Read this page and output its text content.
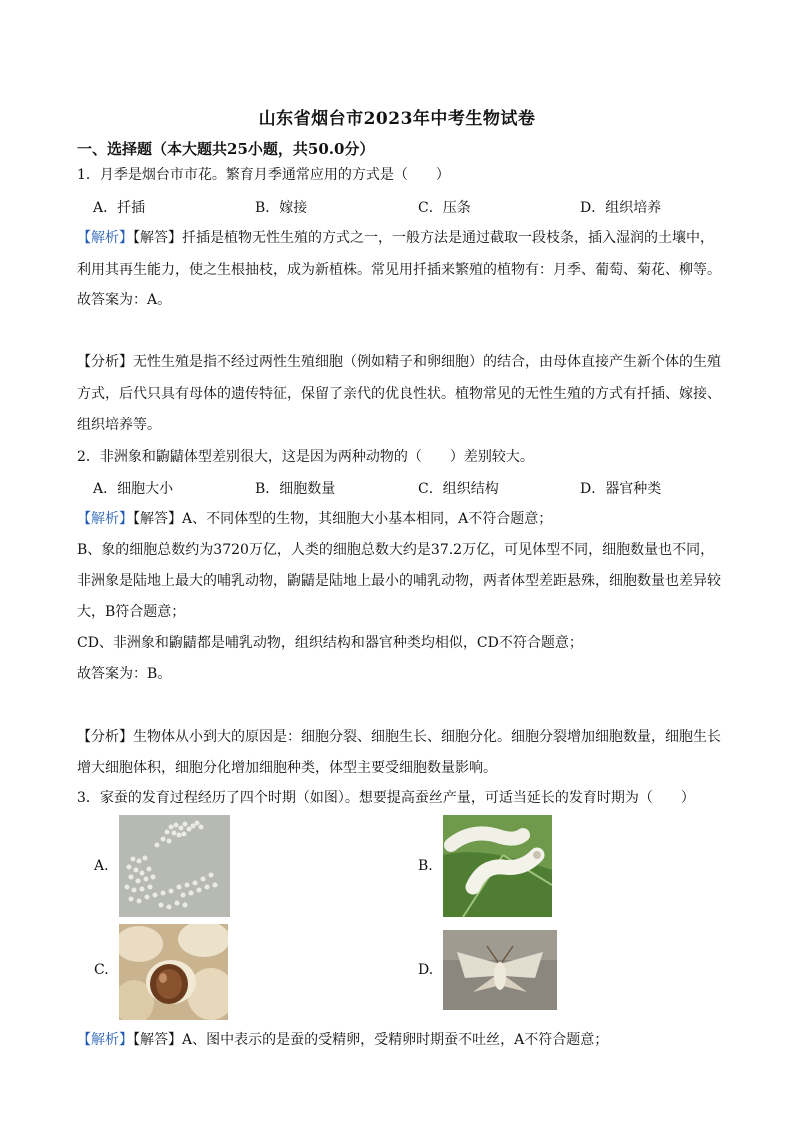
山东省烟台市2023年中考生物试卷
一、选择题（本大题共25小题，共50.0分）
1．月季是烟台市市花。繁育月季通常应用的方式是（　　）
A．扦插	B．嫁接	C．压条	D．组织培养
【解析】【解答】扦插是植物无性生殖的方式之一，一般方法是通过截取一段枝条，插入湿润的土壤中，
利用其再生能力，使之生根抽枝，成为新植株。常见用扦插来繁殖的植物有：月季、葡萄、菊花、柳等。
故答案为：A。
【分析】无性生殖是指不经过两性生殖细胞（例如精子和卵细胞）的结合，由母体直接产生新个体的生殖
方式，后代只具有母体的遗传特征，保留了亲代的优良性状。植物常见的无性生殖的方式有扦插、嫁接、
组织培养等。
2．非洲象和鼩鼱体型差别很大，这是因为两种动物的（　　）差别较大。
A．细胞大小	B．细胞数量	C．组织结构	D．器官种类
【解析】【解答】A、不同体型的生物，其细胞大小基本相同，A不符合题意；
B、象的细胞总数约为3720万亿，人类的细胞总数大约是37.2万亿，可见体型不同，细胞数量也不同，
非洲象是陆地上最大的哺乳动物，鼩鼱是陆地上最小的哺乳动物，两者体型差距悬殊，细胞数量也差异较
大，B符合题意；
CD、非洲象和鼩鼱都是哺乳动物，组织结构和器官种类均相似，CD不符合题意；
故答案为：B。
【分析】生物体从小到大的原因是：细胞分裂、细胞生长、细胞分化。细胞分裂增加细胞数量，细胞生长
增大细胞体积，细胞分化增加细胞种类，体型主要受细胞数量影响。
3．家蚕的发育过程经历了四个时期（如图）。想要提高蚕丝产量，可适当延长的发育时期为（　　）
A.	B.
C.	D.
【解析】【解答】A、图中表示的是蚕的受精卵，受精卵时期蚕不吐丝，A不符合题意；
